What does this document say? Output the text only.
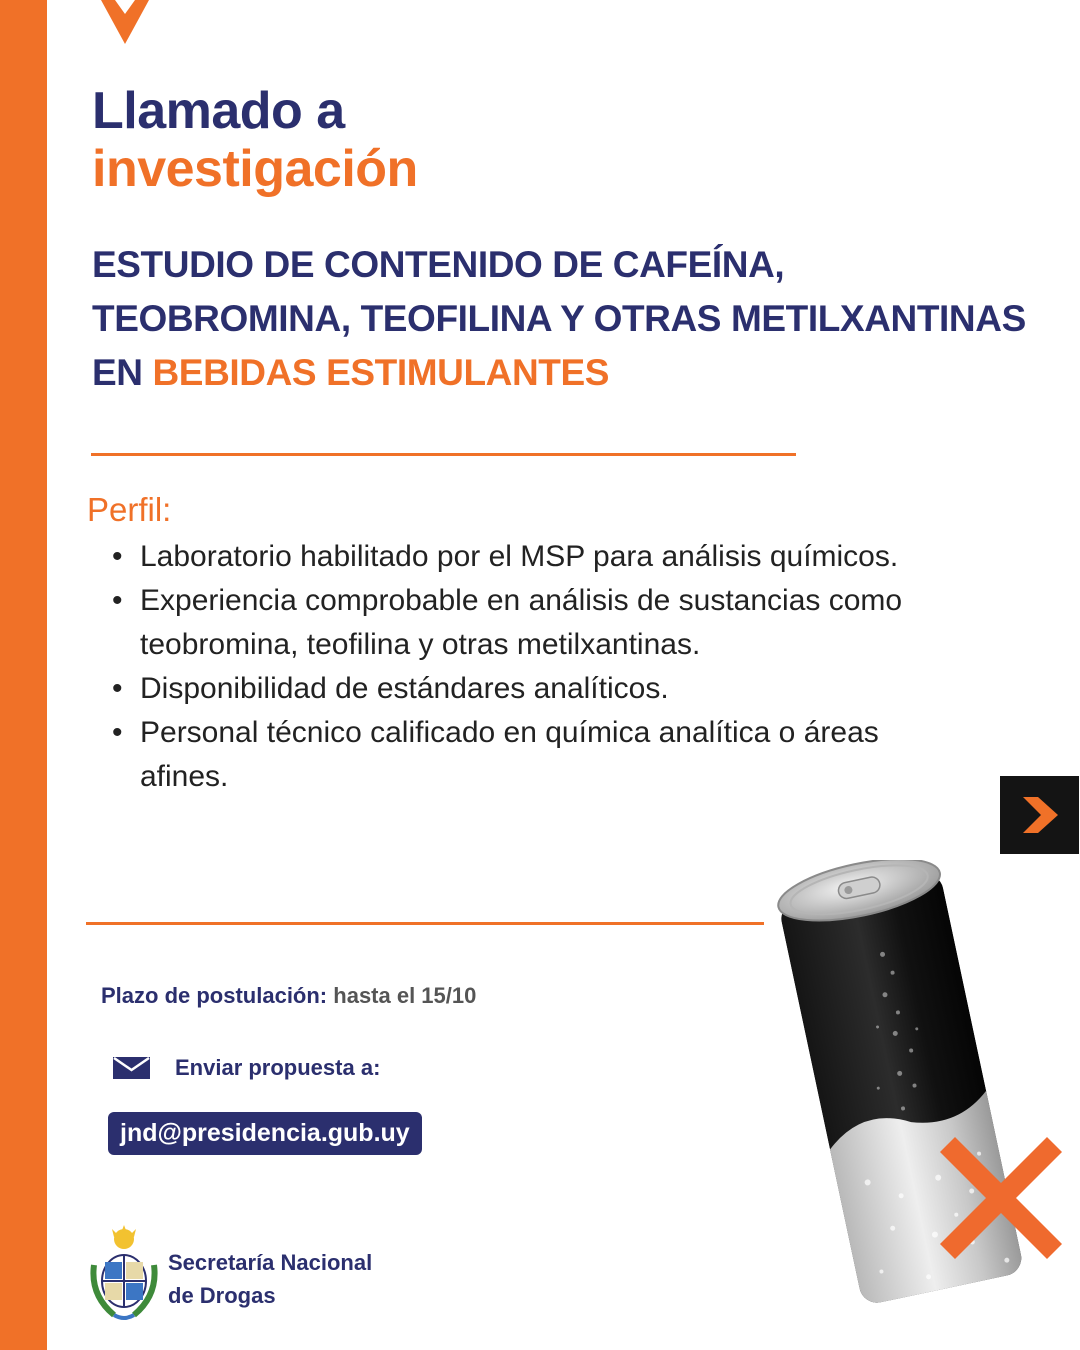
Llamado a
investigación
ESTUDIO DE CONTENIDO DE CAFEÍNA, TEOBROMINA, TEOFILINA Y OTRAS METILXANTINAS EN BEBIDAS ESTIMULANTES
Perfil:
• Laboratorio habilitado por el MSP para análisis químicos.
• Experiencia comprobable en análisis de sustancias como teobromina, teofilina y otras metilxantinas.
• Disponibilidad de estándares analíticos.
• Personal técnico calificado en química analítica o áreas afines.
Plazo de postulación: hasta el 15/10
Enviar propuesta a:
jnd@presidencia.gub.uy
Secretaría Nacional
de Drogas
